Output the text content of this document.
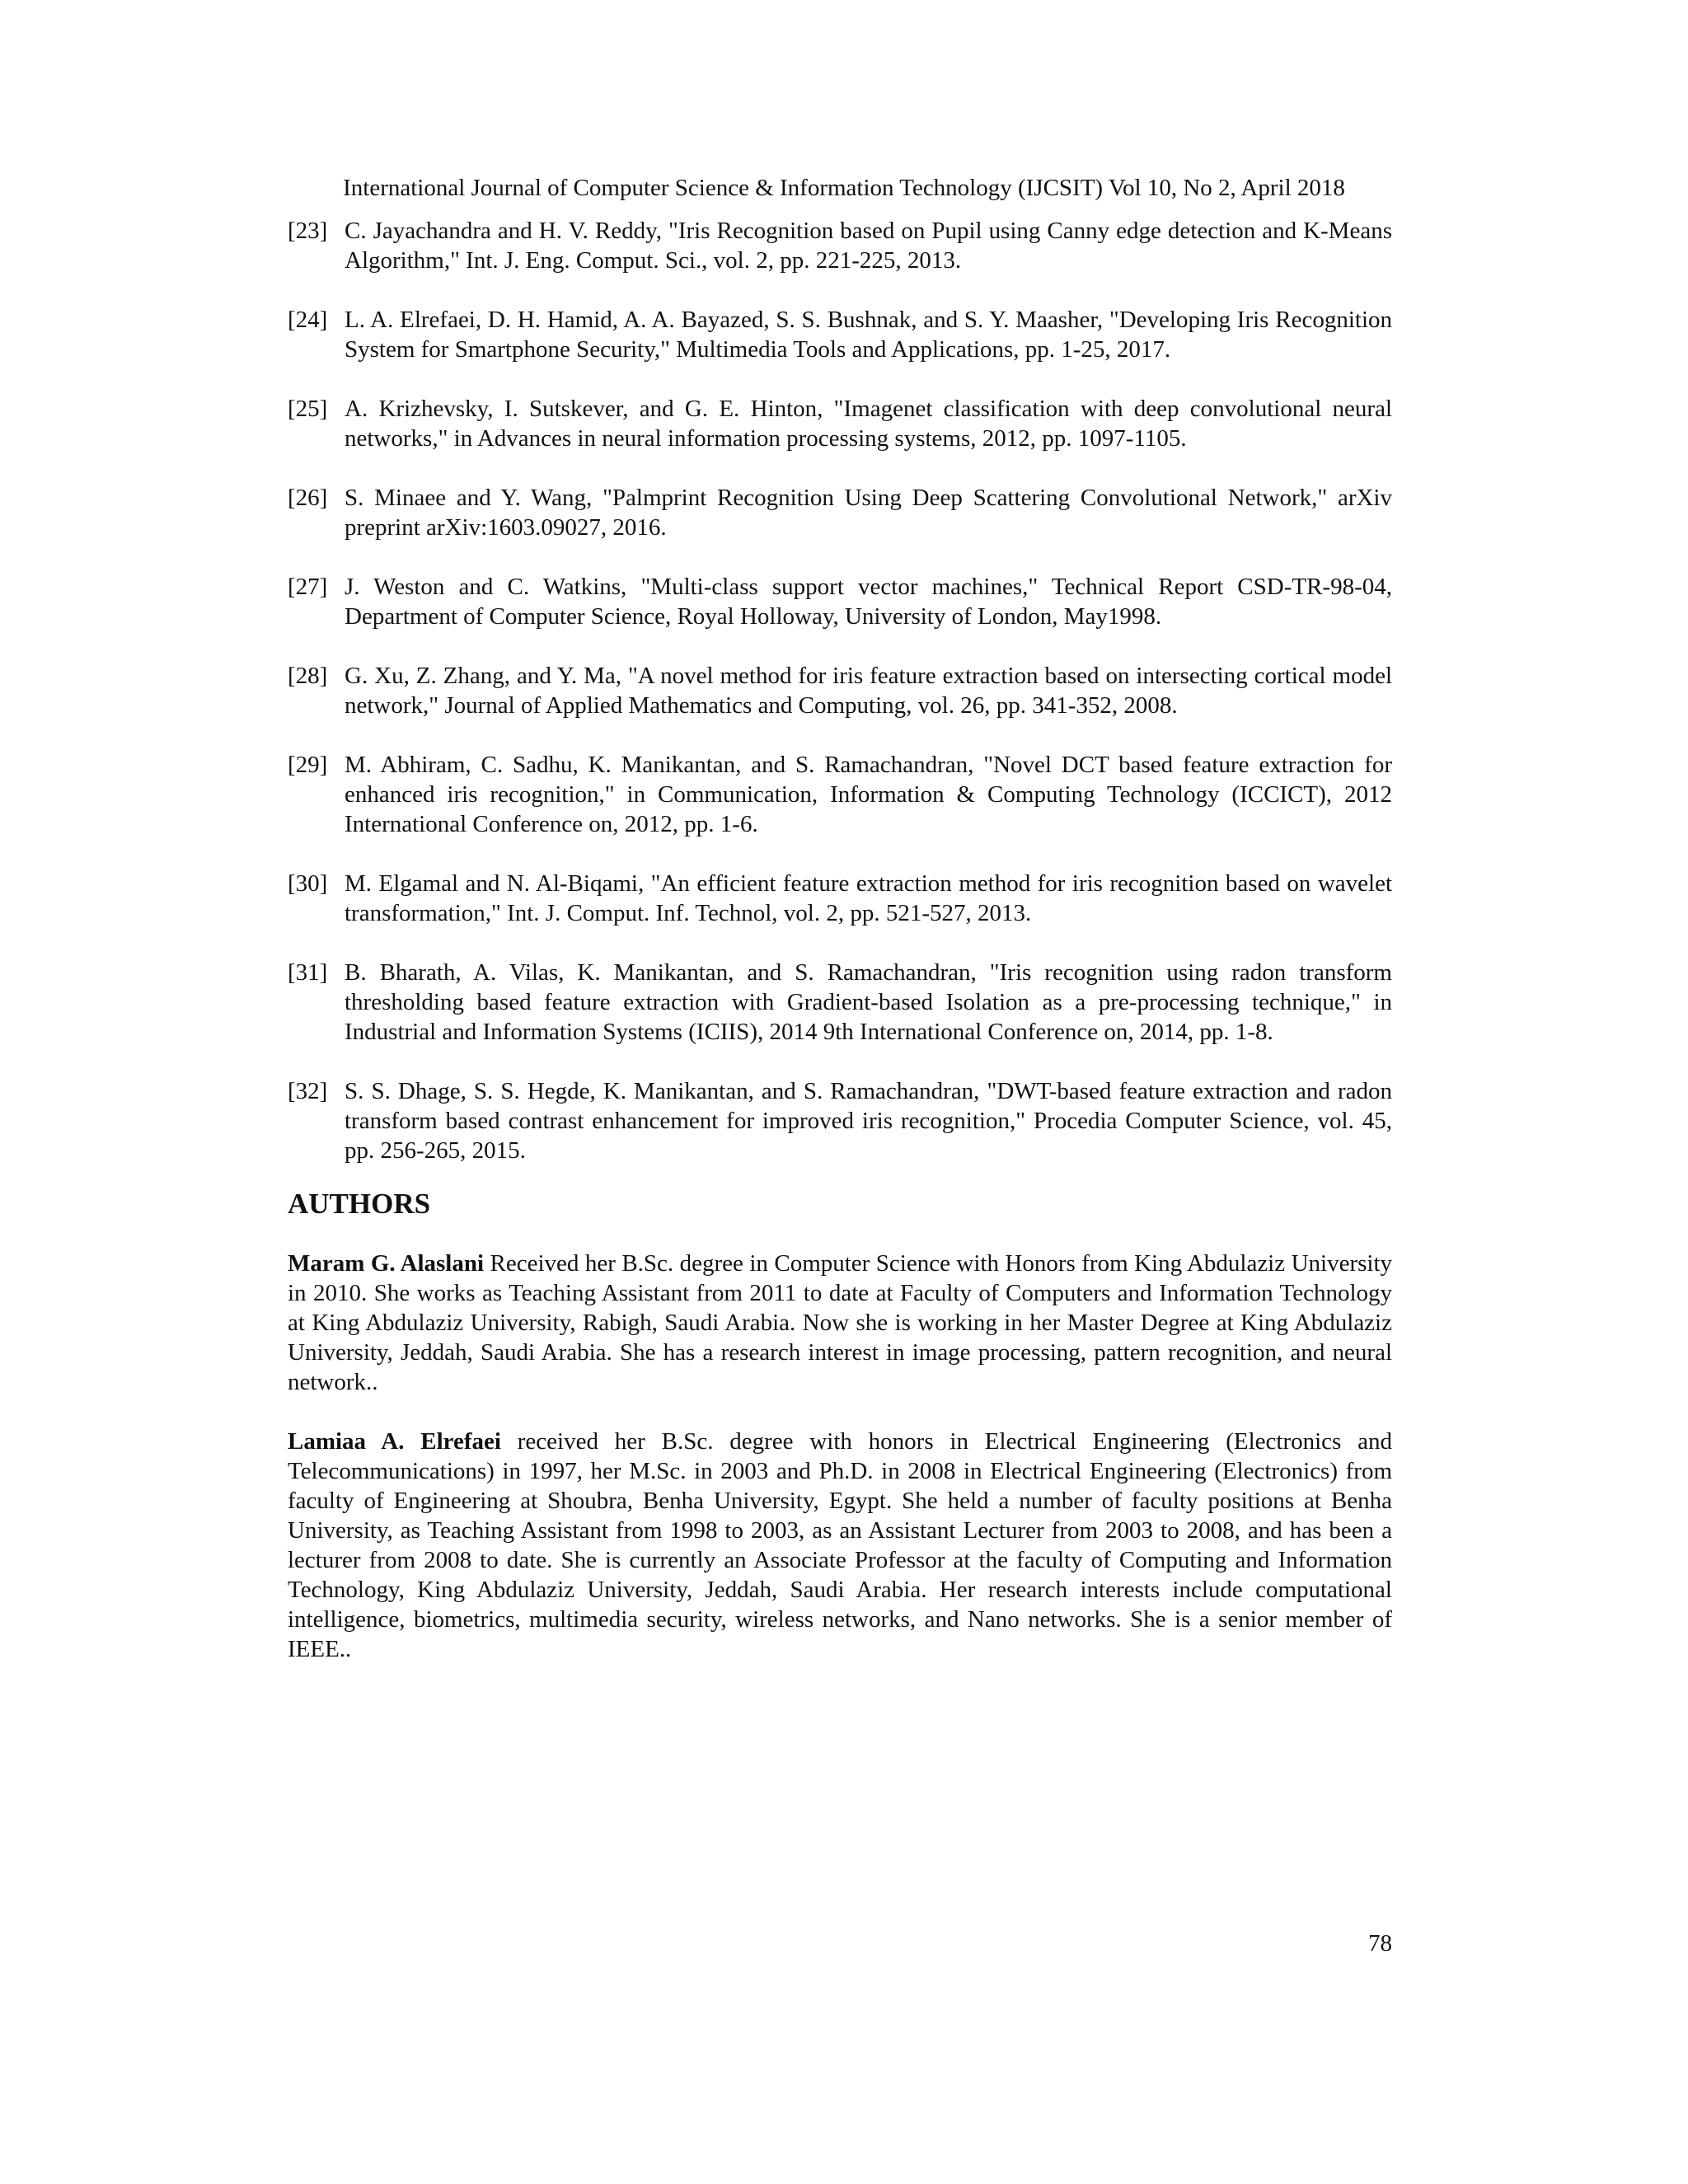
International Journal of Computer Science & Information Technology (IJCSIT) Vol 10, No 2, April 2018
[23] C. Jayachandra and H. V. Reddy, "Iris Recognition based on Pupil using Canny edge detection and K-Means Algorithm," Int. J. Eng. Comput. Sci., vol. 2, pp. 221-225, 2013.
[24] L. A. Elrefaei, D. H. Hamid, A. A. Bayazed, S. S. Bushnak, and S. Y. Maasher, "Developing Iris Recognition System for Smartphone Security," Multimedia Tools and Applications, pp. 1-25, 2017.
[25] A. Krizhevsky, I. Sutskever, and G. E. Hinton, "Imagenet classification with deep convolutional neural networks," in Advances in neural information processing systems, 2012, pp. 1097-1105.
[26] S. Minaee and Y. Wang, "Palmprint Recognition Using Deep Scattering Convolutional Network," arXiv preprint arXiv:1603.09027, 2016.
[27] J. Weston and C. Watkins, "Multi-class support vector machines," Technical Report CSD-TR-98-04, Department of Computer Science, Royal Holloway, University of London, May1998.
[28] G. Xu, Z. Zhang, and Y. Ma, "A novel method for iris feature extraction based on intersecting cortical model network," Journal of Applied Mathematics and Computing, vol. 26, pp. 341-352, 2008.
[29] M. Abhiram, C. Sadhu, K. Manikantan, and S. Ramachandran, "Novel DCT based feature extraction for enhanced iris recognition," in Communication, Information & Computing Technology (ICCICT), 2012 International Conference on, 2012, pp. 1-6.
[30] M. Elgamal and N. Al-Biqami, "An efficient feature extraction method for iris recognition based on wavelet transformation," Int. J. Comput. Inf. Technol, vol. 2, pp. 521-527, 2013.
[31] B. Bharath, A. Vilas, K. Manikantan, and S. Ramachandran, "Iris recognition using radon transform thresholding based feature extraction with Gradient-based Isolation as a pre-processing technique," in Industrial and Information Systems (ICIIS), 2014 9th International Conference on, 2014, pp. 1-8.
[32] S. S. Dhage, S. S. Hegde, K. Manikantan, and S. Ramachandran, "DWT-based feature extraction and radon transform based contrast enhancement for improved iris recognition," Procedia Computer Science, vol. 45, pp. 256-265, 2015.
AUTHORS

Maram G. Alaslani Received her B.Sc. degree in Computer Science with Honors from King Abdulaziz University in 2010. She works as Teaching Assistant from 2011 to date at Faculty of Computers and Information Technology at King Abdulaziz University, Rabigh, Saudi Arabia. Now she is working in her Master Degree at King Abdulaziz University, Jeddah, Saudi Arabia. She has a research interest in image processing, pattern recognition, and neural network..

Lamiaa A. Elrefaei received her B.Sc. degree with honors in Electrical Engineering (Electronics and Telecommunications) in 1997, her M.Sc. in 2003 and Ph.D. in 2008 in Electrical Engineering (Electronics) from faculty of Engineering at Shoubra, Benha University, Egypt. She held a number of faculty positions at Benha University, as Teaching Assistant from 1998 to 2003, as an Assistant Lecturer from 2003 to 2008, and has been a lecturer from 2008 to date. She is currently an Associate Professor at the faculty of Computing and Information Technology, King Abdulaziz University, Jeddah, Saudi Arabia. Her research interests include computational intelligence, biometrics, multimedia security, wireless networks, and Nano networks. She is a senior member of IEEE..

78
